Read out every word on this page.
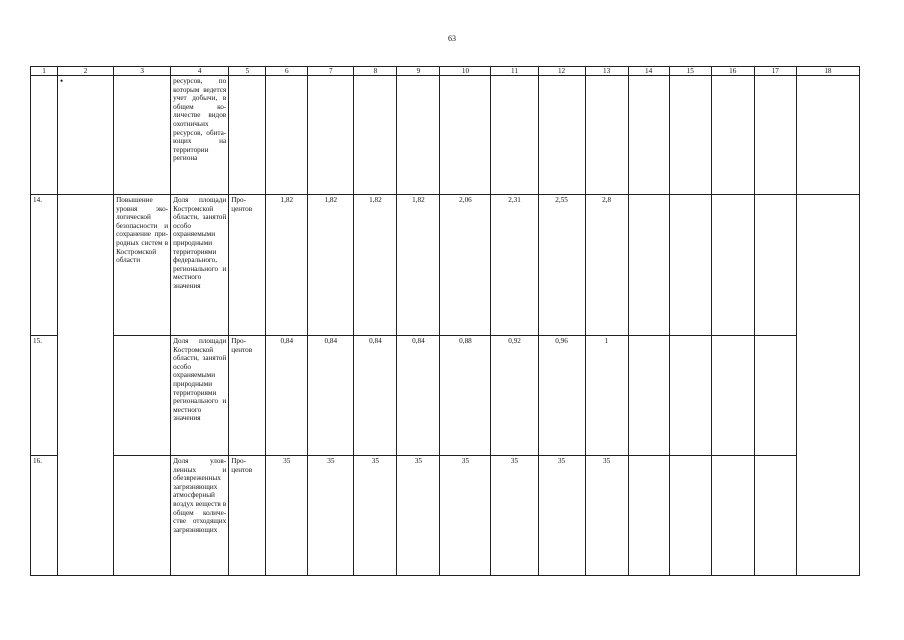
63
1	2	3	4	5	6	7	8	9	10	11	12	13	14	15	16	17	18
	•		ресурсов, по которым ведется учет добычи, в общем количестве видов охотничьих ресурсов, обитающих на территории региона														
14.		Повышение уровня экологической безопасности и сохранение природных систем в Костромской области	Доля площади Костромской области, занятой особо охраняемыми природными территориями федерального, регионального и местного значения	Процентов	1,82	1,82	1,82	1,82	2,06	2,31	2,55	2,8					
15.			Доля площади Костромской области, занятой особо охраняемыми природными территориями регионального и местного значения	Процентов	0,84	0,84	0,84	0,84	0,88	0,92	0,96	1					
16.			Доля уловленных и обезвреженных загрязняющих атмосферный воздух веществ в общем количестве отходящих загрязняющих	Процентов	35	35	35	35	35	35	35	35					
